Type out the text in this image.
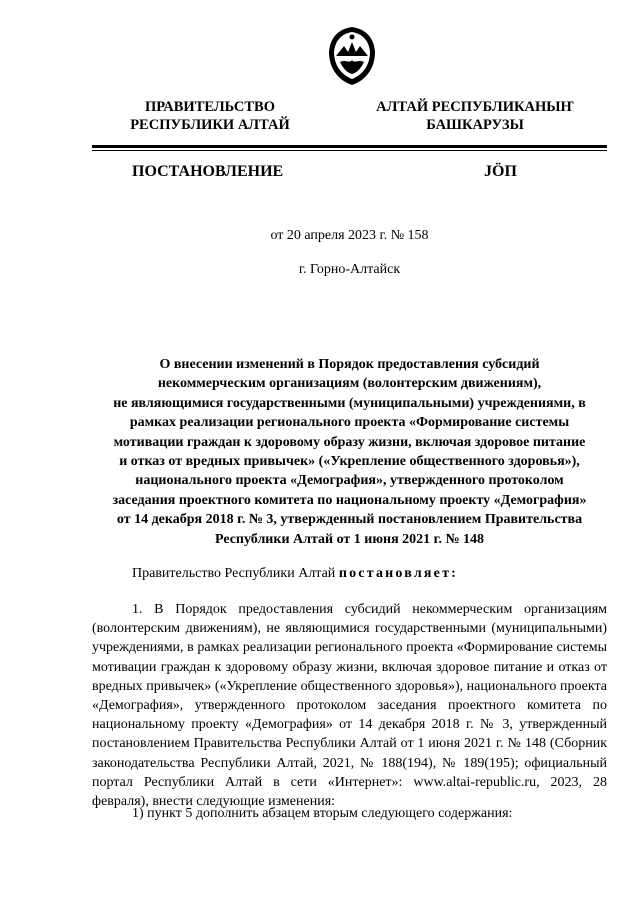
ПРАВИТЕЛЬСТВО
РЕСПУБЛИКИ АЛТАЙ
АЛТАЙ РЕСПУБЛИКАНЫҤ
БАШКАРУЗЫ
ПОСТАНОВЛЕНИЕ	JӦП
от 20 апреля 2023 г. № 158
г. Горно-Алтайск
О внесении изменений в Порядок предоставления субсидий
некоммерческим организациям (волонтерским движениям),
не являющимися государственными (муниципальными) учреждениями, в
рамках реализации регионального проекта «Формирование системы
мотивации граждан к здоровому образу жизни, включая здоровое питание
и отказ от вредных привычек» («Укрепление общественного здоровья»),
национального проекта «Демография», утвержденного протоколом
заседания проектного комитета по национальному проекту «Демография»
от 14 декабря 2018 г. № 3, утвержденный постановлением Правительства
Республики Алтай от 1 июня 2021 г. № 148
Правительство Республики Алтай постановляет:
1. В Порядок предоставления субсидий некоммерческим организациям (волонтерским движениям), не являющимися государственными (муниципальными) учреждениями, в рамках реализации регионального проекта «Формирование системы мотивации граждан к здоровому образу жизни, включая здоровое питание и отказ от вредных привычек» («Укрепление общественного здоровья»), национального проекта «Демография», утвержденного протоколом заседания проектного комитета по национальному проекту «Демография» от 14 декабря 2018 г. № 3, утвержденный постановлением Правительства Республики Алтай от 1 июня 2021 г. № 148 (Сборник законодательства Республики Алтай, 2021, № 188(194), № 189(195); официальный портал Республики Алтай в сети «Интернет»: www.altai-republic.ru, 2023, 28 февраля), внести следующие изменения:
1) пункт 5 дополнить абзацем вторым следующего содержания:
